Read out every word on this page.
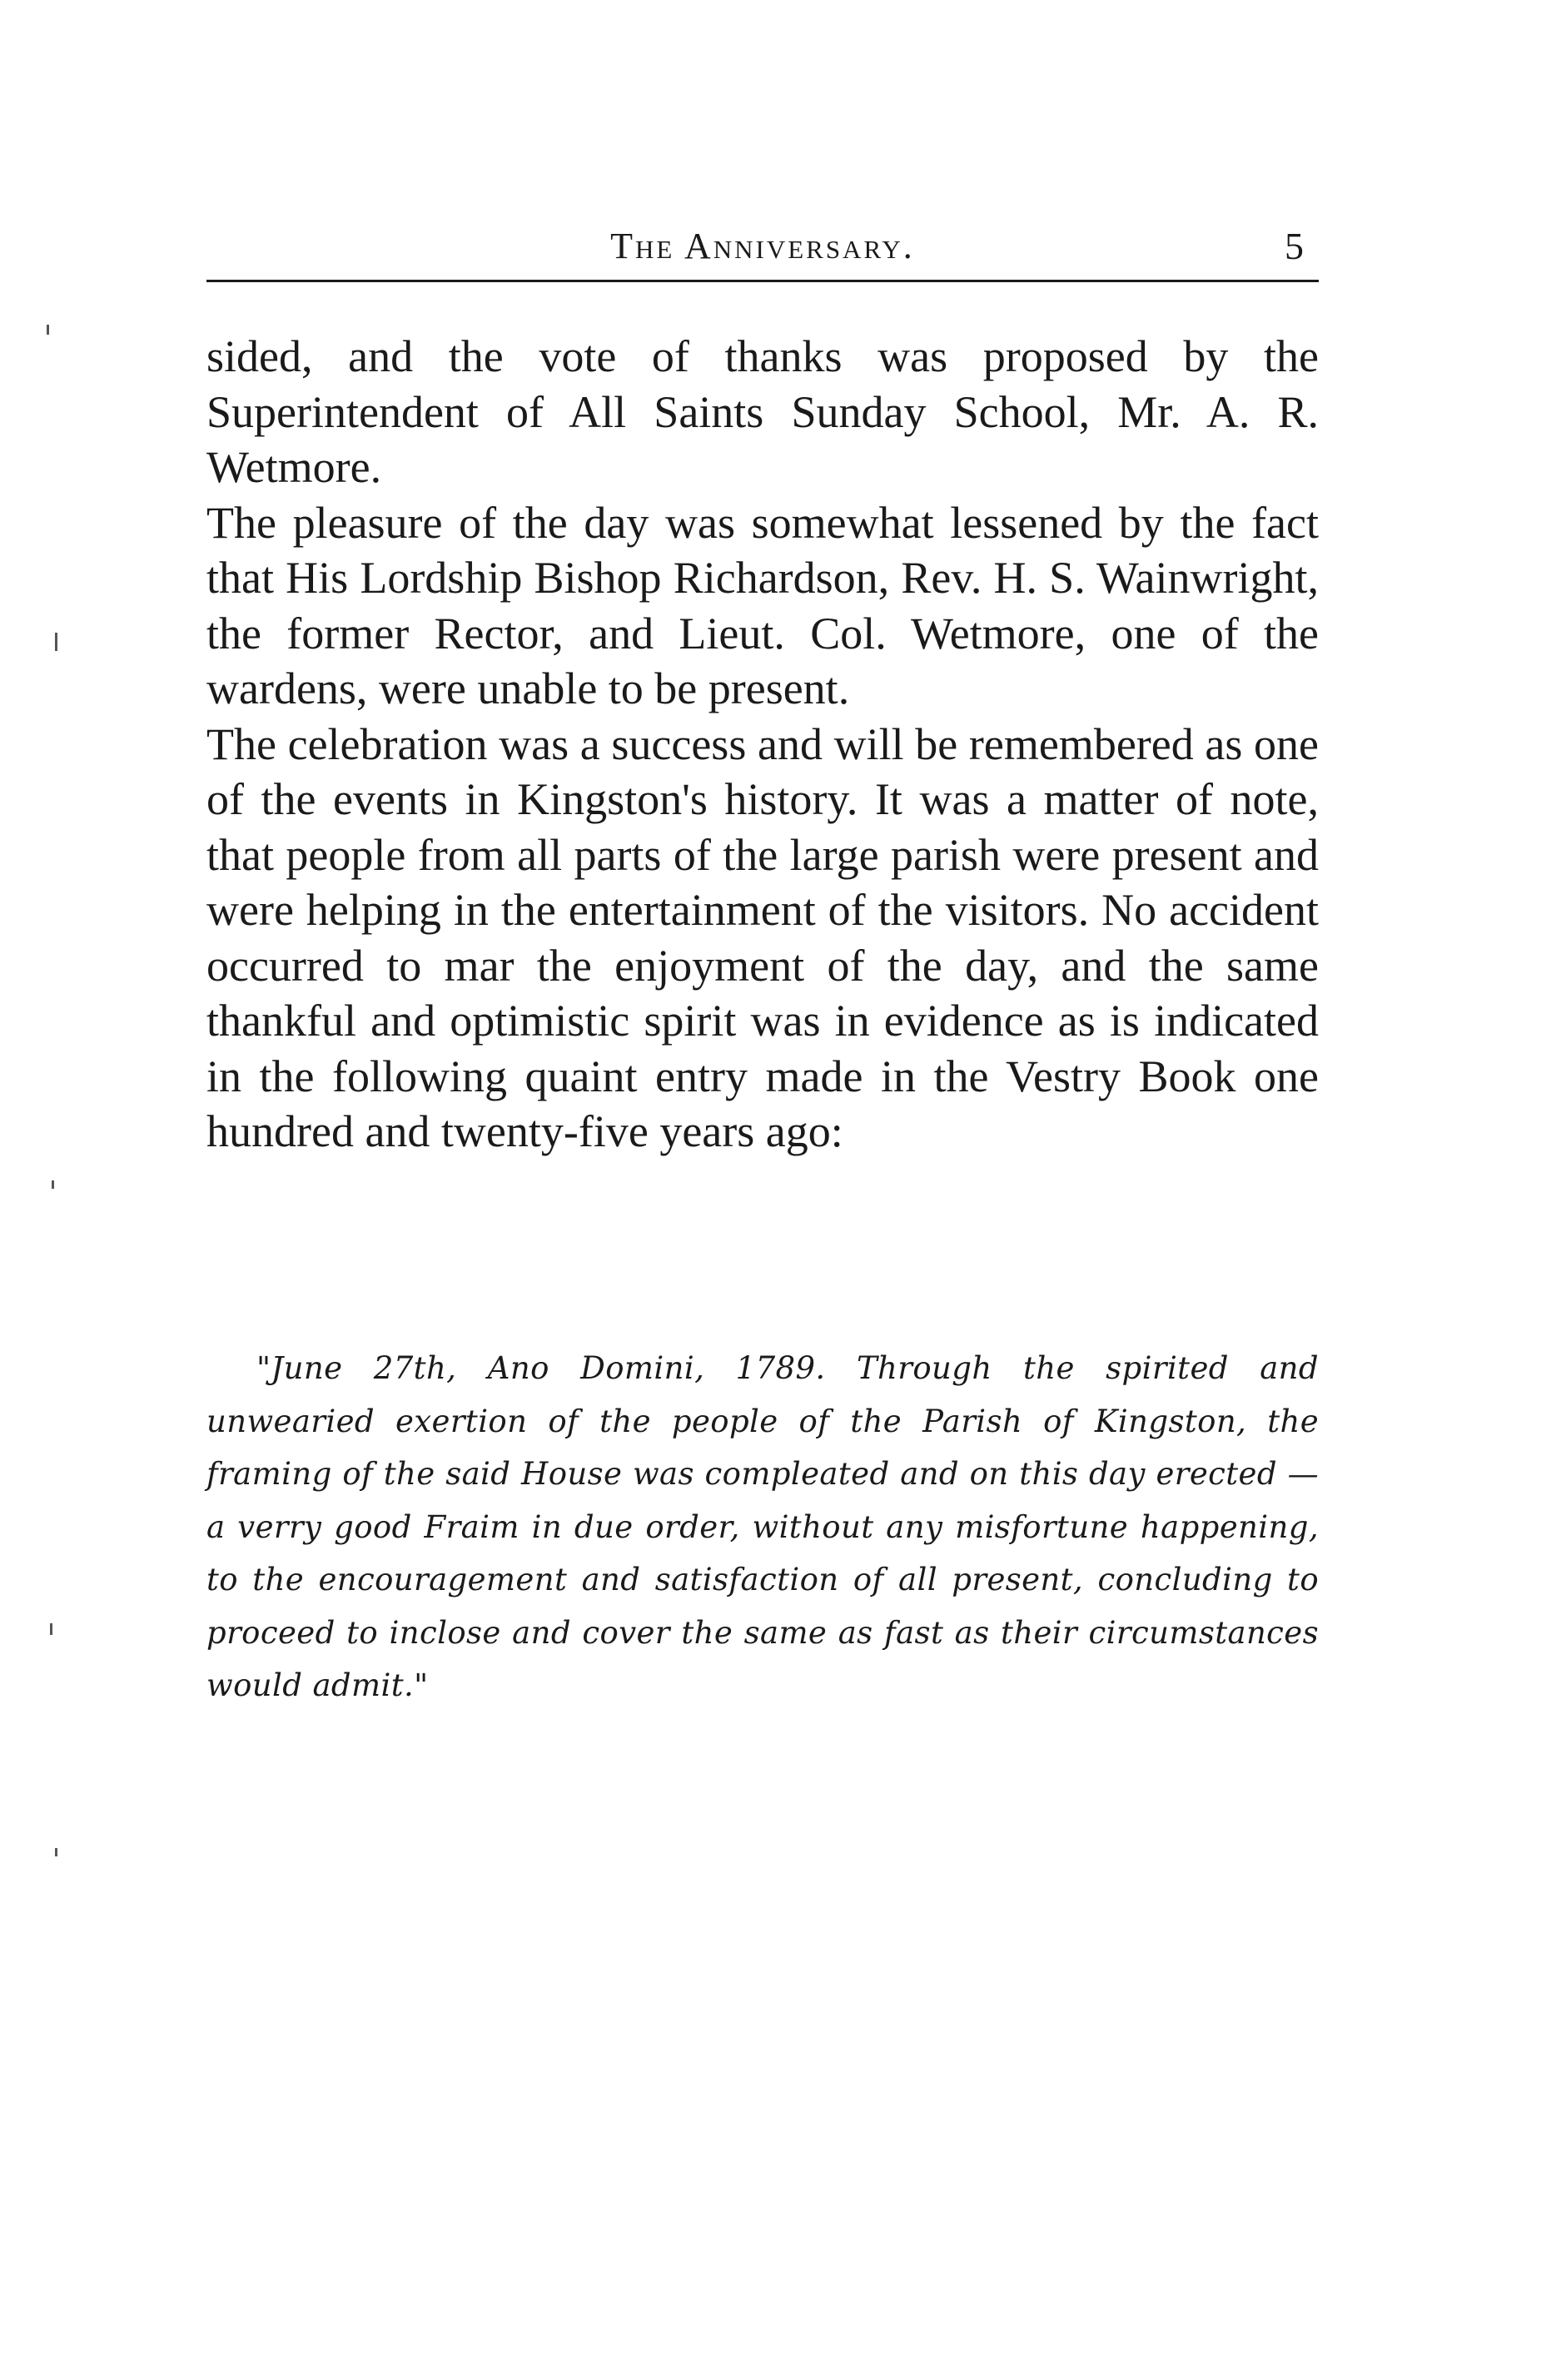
The Anniversary.	5

sided, and the vote of thanks was proposed by the Superintendent of All Saints Sunday School, Mr. A. R. Wetmore.

The pleasure of the day was somewhat lessened by the fact that His Lordship Bishop Richardson, Rev. H. S. Wainwright, the former Rector, and Lieut. Col. Wetmore, one of the wardens, were unable to be present.

The celebration was a success and will be remembered as one of the events in Kingston's history. It was a matter of note, that people from all parts of the large parish were present and were helping in the entertainment of the visitors. No accident occurred to mar the enjoyment of the day, and the same thankful and optimistic spirit was in evidence as is indicated in the following quaint entry made in the Vestry Book one hundred and twenty-five years ago:

"June 27th, Ano Domini, 1789. Through the spirited and unwearied exertion of the people of the Parish of Kingston, the framing of the said House was compleated and on this day erected — a verry good Fraim in due order, without any misfortune happening, to the encouragement and satisfaction of all present, concluding to proceed to inclose and cover the same as fast as their circumstances would admit."
